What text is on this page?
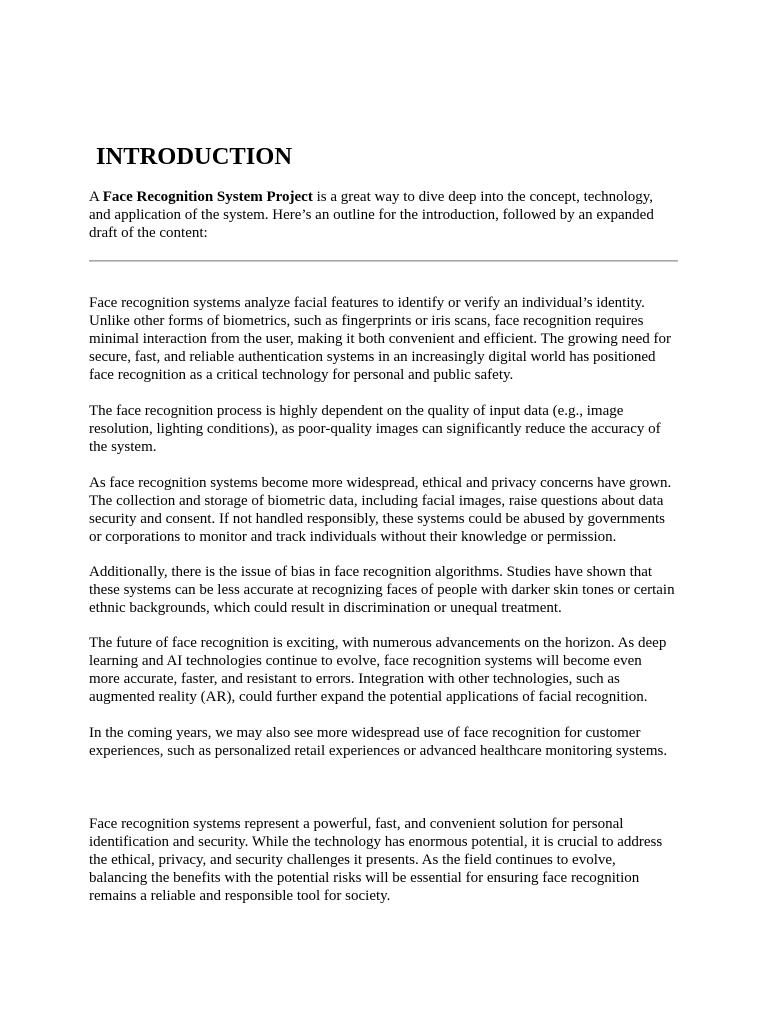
INTRODUCTION
A Face Recognition System Project is a great way to dive deep into the concept, technology,
and application of the system. Here’s an outline for the introduction, followed by an expanded
draft of the content:
Face recognition systems analyze facial features to identify or verify an individual’s identity.
Unlike other forms of biometrics, such as fingerprints or iris scans, face recognition requires
minimal interaction from the user, making it both convenient and efficient. The growing need for
secure, fast, and reliable authentication systems in an increasingly digital world has positioned
face recognition as a critical technology for personal and public safety.
The face recognition process is highly dependent on the quality of input data (e.g., image
resolution, lighting conditions), as poor-quality images can significantly reduce the accuracy of
the system.
As face recognition systems become more widespread, ethical and privacy concerns have grown.
The collection and storage of biometric data, including facial images, raise questions about data
security and consent. If not handled responsibly, these systems could be abused by governments
or corporations to monitor and track individuals without their knowledge or permission.
Additionally, there is the issue of bias in face recognition algorithms. Studies have shown that
these systems can be less accurate at recognizing faces of people with darker skin tones or certain
ethnic backgrounds, which could result in discrimination or unequal treatment.
The future of face recognition is exciting, with numerous advancements on the horizon. As deep
learning and AI technologies continue to evolve, face recognition systems will become even
more accurate, faster, and resistant to errors. Integration with other technologies, such as
augmented reality (AR), could further expand the potential applications of facial recognition.
In the coming years, we may also see more widespread use of face recognition for customer
experiences, such as personalized retail experiences or advanced healthcare monitoring systems.
Face recognition systems represent a powerful, fast, and convenient solution for personal
identification and security. While the technology has enormous potential, it is crucial to address
the ethical, privacy, and security challenges it presents. As the field continues to evolve,
balancing the benefits with the potential risks will be essential for ensuring face recognition
remains a reliable and responsible tool for society.
